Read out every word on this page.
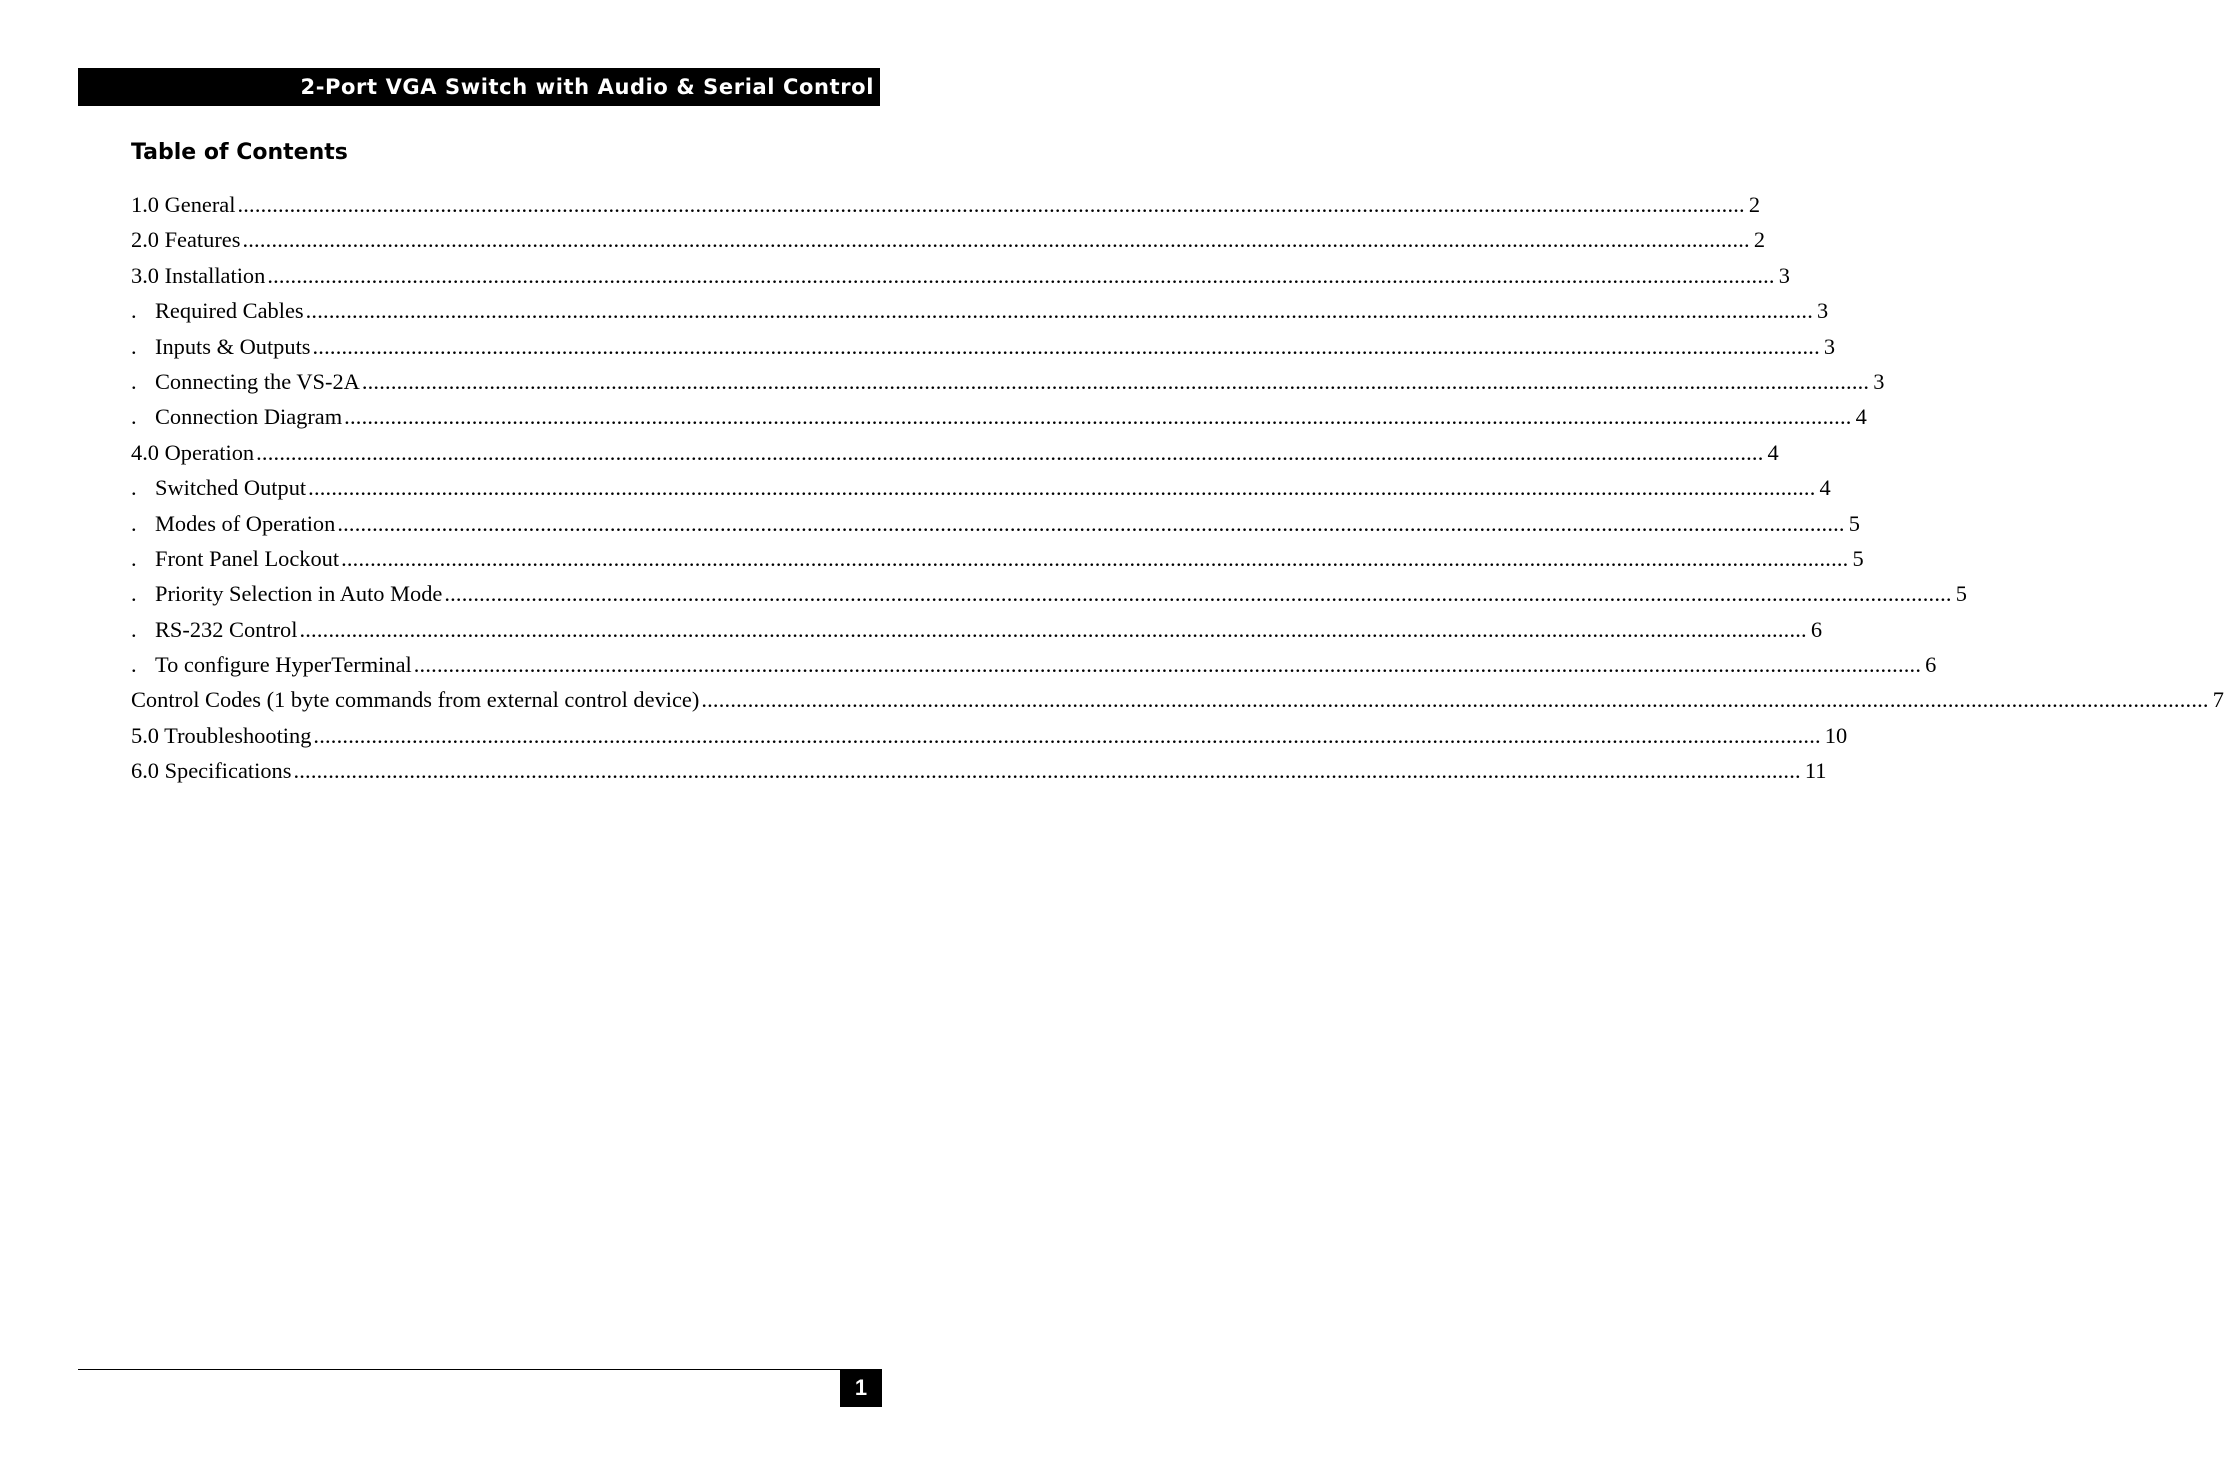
2-Port VGA Switch with Audio & Serial Control
Table of Contents
1.0 General .................................................................................................................................................................................................................................................................... 2
2.0 Features .................................................................................................................................................................................................................................................................... 2
3.0 Installation .................................................................................................................................................................................................................................................................... 3
. Required Cables .................................................................................................................................................................................................................................................................... 3
. Inputs & Outputs .................................................................................................................................................................................................................................................................... 3
. Connecting the VS-2A .................................................................................................................................................................................................................................................................... 3
. Connection Diagram .................................................................................................................................................................................................................................................................... 4
4.0 Operation .................................................................................................................................................................................................................................................................... 4
. Switched Output .................................................................................................................................................................................................................................................................... 4
. Modes of Operation .................................................................................................................................................................................................................................................................... 5
. Front Panel Lockout .................................................................................................................................................................................................................................................................... 5
. Priority Selection in Auto Mode .................................................................................................................................................................................................................................................................... 5
. RS-232 Control .................................................................................................................................................................................................................................................................... 6
. To configure HyperTerminal .................................................................................................................................................................................................................................................................... 6
Control Codes (1 byte commands from external control device) .................................................................................................................................................................................................................................................................... 7
5.0 Troubleshooting .................................................................................................................................................................................................................................................................... 10
6.0 Specifications .................................................................................................................................................................................................................................................................... 11
1
